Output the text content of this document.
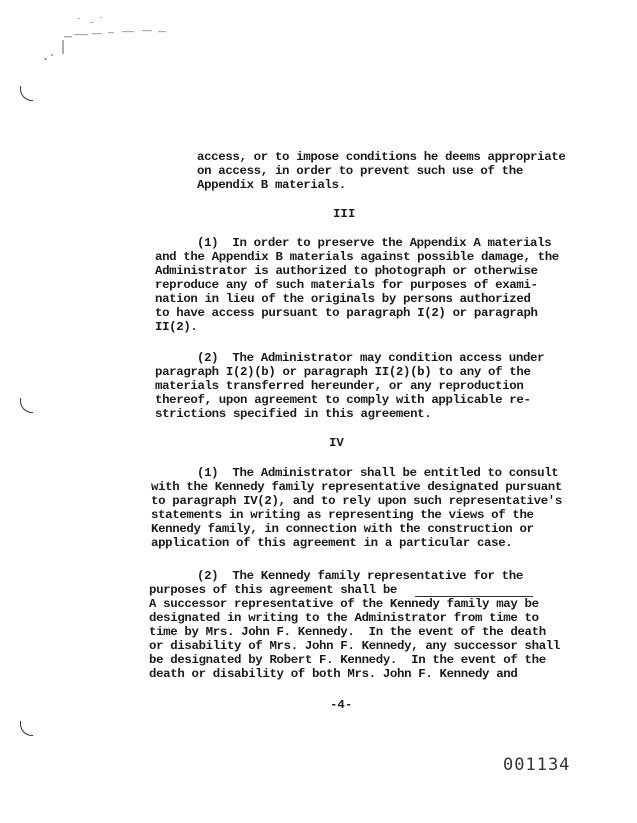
access, or to impose conditions he deems appropriate
on access, in order to prevent such use of the
Appendix B materials.
III
(1)  In order to preserve the Appendix A materials
and the Appendix B materials against possible damage, the
Administrator is authorized to photograph or otherwise
reproduce any of such materials for purposes of exami-
nation in lieu of the originals by persons authorized
to have access pursuant to paragraph I(2) or paragraph
II(2).
(2)  The Administrator may condition access under
paragraph I(2)(b) or paragraph II(2)(b) to any of the
materials transferred hereunder, or any reproduction
thereof, upon agreement to comply with applicable re-
strictions specified in this agreement.
IV
(1)  The Administrator shall be entitled to consult
with the Kennedy family representative designated pursuant
to paragraph IV(2), and to rely upon such representative's
statements in writing as representing the views of the
Kennedy family, in connection with the construction or
application of this agreement in a particular case.
(2)  The Kennedy family representative for the
purposes of this agreement shall be
A successor representative of the Kennedy family may be
designated in writing to the Administrator from time to
time by Mrs. John F. Kennedy.  In the event of the death
or disability of Mrs. John F. Kennedy, any successor shall
be designated by Robert F. Kennedy.  In the event of the
death or disability of both Mrs. John F. Kennedy and
-4-
001134
